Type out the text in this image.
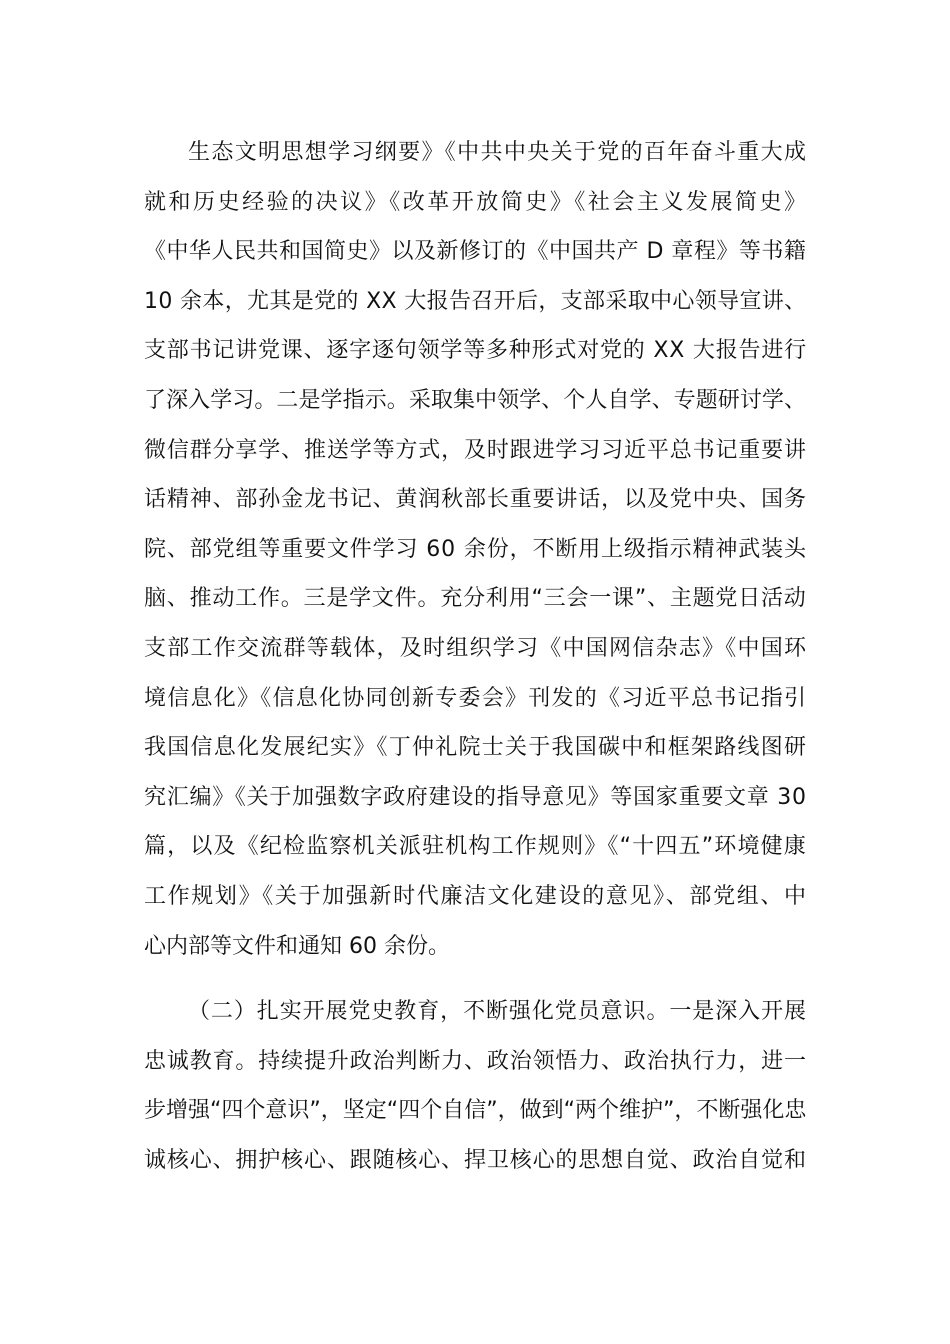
生态文明思想学习纲要》《中共中央关于党的百年奋斗重大成
就和历史经验的决议》《改革开放简史》《社会主义发展简史》
《中华人民共和国简史》以及新修订的《中国共产 D 章程》等书籍
10 余本，尤其是党的 XX 大报告召开后，支部采取中心领导宣讲、
支部书记讲党课、逐字逐句领学等多种形式对党的 XX 大报告进行
了深入学习。二是学指示。采取集中领学、个人自学、专题研讨学、
微信群分享学、推送学等方式，及时跟进学习习近平总书记重要讲
话精神、部孙金龙书记、黄润秋部长重要讲话，以及党中央、国务
院、部党组等重要文件学习 60 余份，不断用上级指示精神武装头
脑、推动工作。三是学文件。充分利用“三会一课”、主题党日活动
支部工作交流群等载体，及时组织学习《中国网信杂志》《中国环
境信息化》《信息化协同创新专委会》刊发的《习近平总书记指引
我国信息化发展纪实》《丁仲礼院士关于我国碳中和框架路线图研
究汇编》《关于加强数字政府建设的指导意见》等国家重要文章 30
篇，以及《纪检监察机关派驻机构工作规则》《“十四五”环境健康
工作规划》《关于加强新时代廉洁文化建设的意见》、部党组、中
心内部等文件和通知 60 余份。
（二）扎实开展党史教育，不断强化党员意识。一是深入开展
忠诚教育。持续提升政治判断力、政治领悟力、政治执行力，进一
步增强“四个意识”，坚定“四个自信”，做到“两个维护”，不断强化忠
诚核心、拥护核心、跟随核心、捍卫核心的思想自觉、政治自觉和
